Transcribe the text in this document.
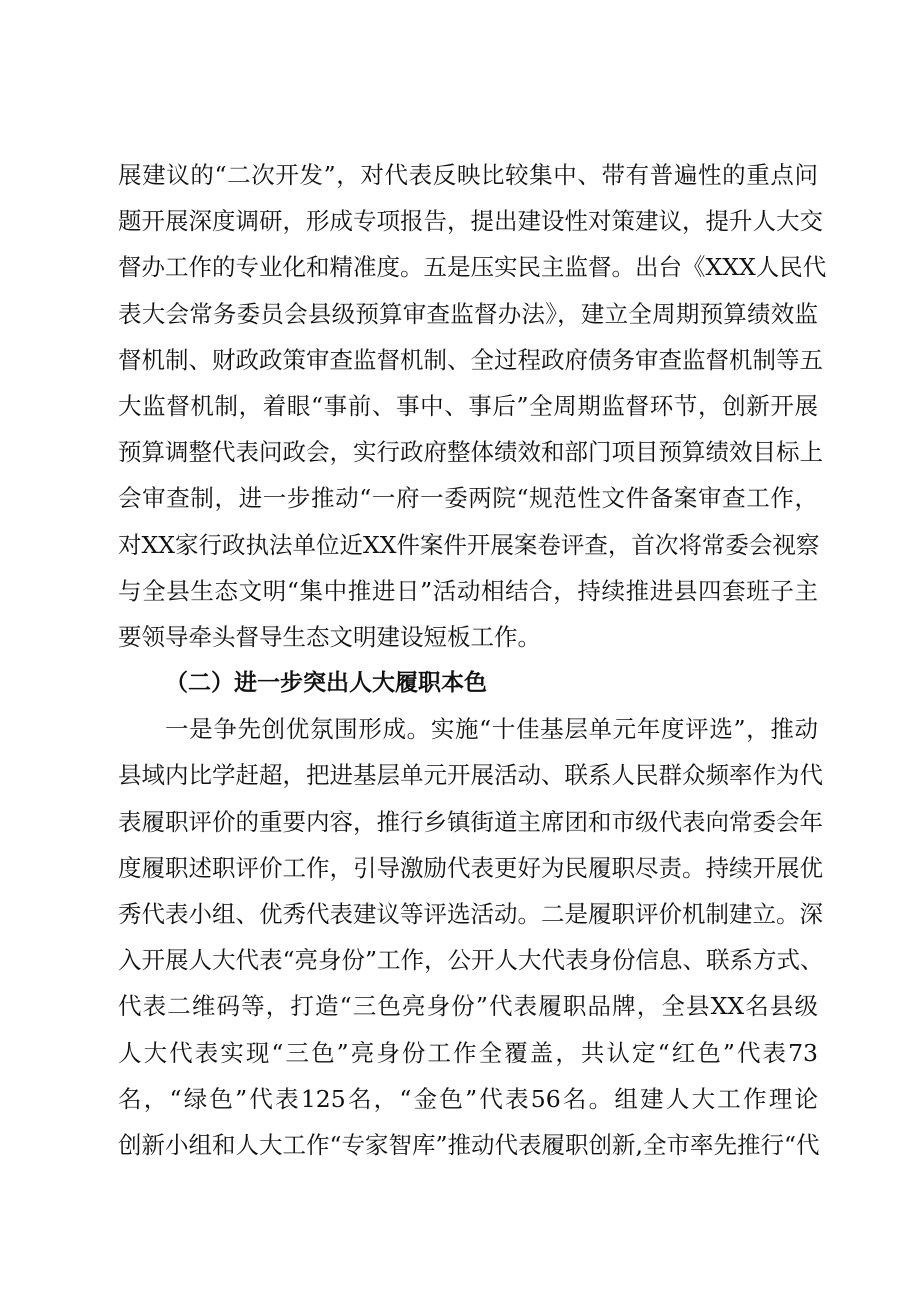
展建议的“二次开发”，对代表反映比较集中、带有普遍性的重点问
题开展深度调研，形成专项报告，提出建设性对策建议，提升人大交
督办工作的专业化和精准度。五是压实民主监督。出台《XXX人民代
表大会常务委员会县级预算审查监督办法》，建立全周期预算绩效监
督机制、财政政策审查监督机制、全过程政府债务审查监督机制等五
大监督机制，着眼“事前、事中、事后”全周期监督环节，创新开展
预算调整代表问政会，实行政府整体绩效和部门项目预算绩效目标上
会审查制，进一步推动“一府一委两院“规范性文件备案审查工作，
对XX家行政执法单位近XX件案件开展案卷评查，首次将常委会视察
与全县生态文明“集中推进日”活动相结合，持续推进县四套班子主
要领导牵头督导生态文明建设短板工作。
（二）进一步突出人大履职本色
一是争先创优氛围形成。实施“十佳基层单元年度评选”，推动
县域内比学赶超，把进基层单元开展活动、联系人民群众频率作为代
表履职评价的重要内容，推行乡镇街道主席团和市级代表向常委会年
度履职述职评价工作，引导激励代表更好为民履职尽责。持续开展优
秀代表小组、优秀代表建议等评选活动。二是履职评价机制建立。深
入开展人大代表“亮身份”工作，公开人大代表身份信息、联系方式、
代表二维码等，打造“三色亮身份”代表履职品牌，全县XX名县级
人大代表实现“三色”亮身份工作全覆盖，共认定“红色”代表73
名，“绿色”代表125名，“金色”代表56名。组建人大工作理论
创新小组和人大工作“专家智库”推动代表履职创新,全市率先推行“代
